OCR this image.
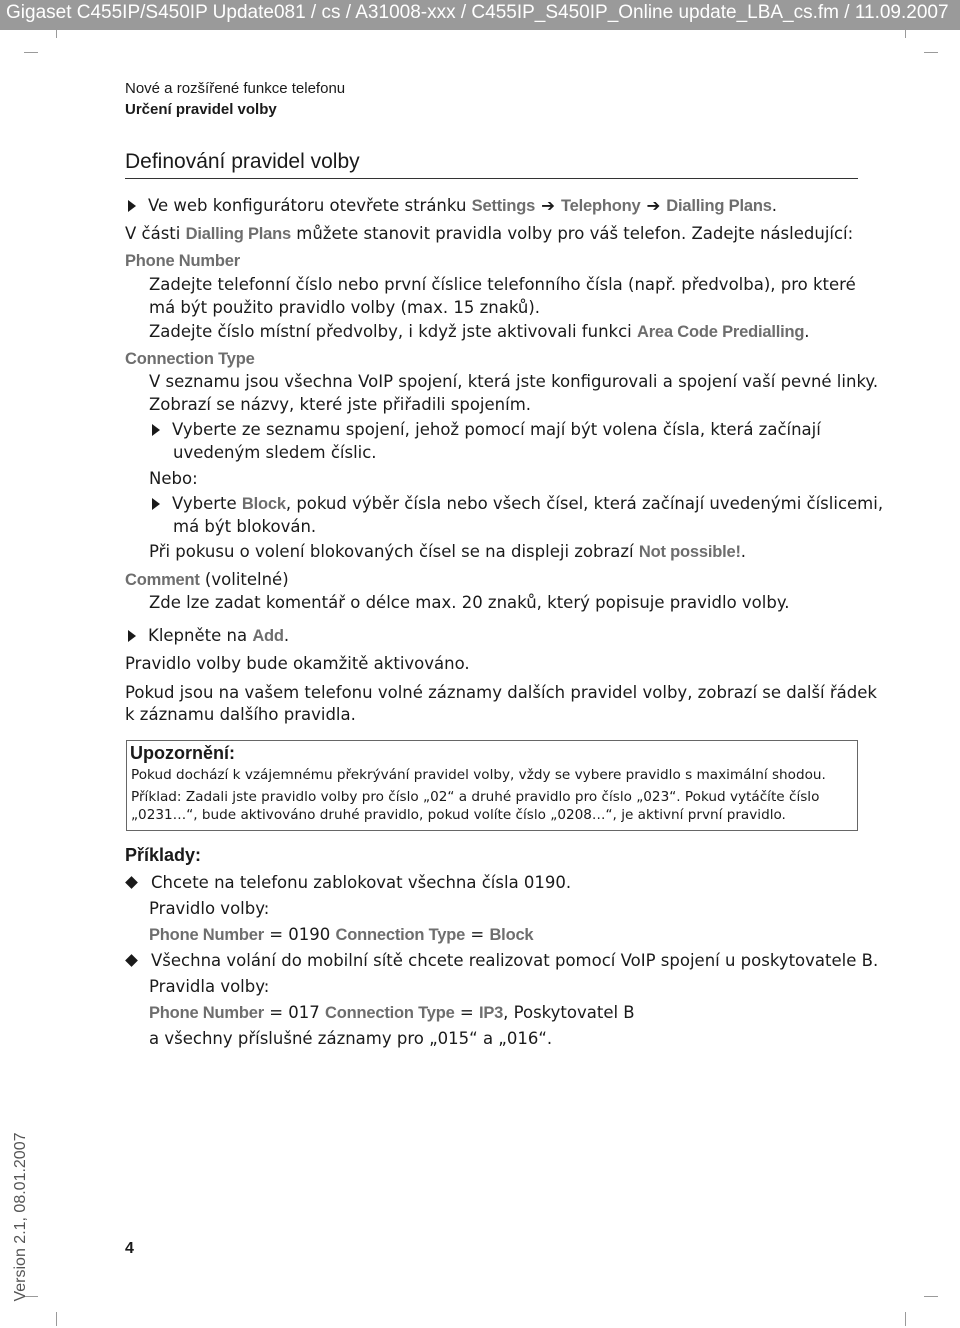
Gigaset C455IP/S450IP Update081 / cs / A31008-xxx / C455IP_S450IP_Online update_LBA_cs.fm / 11.09.2007
Nové a rozšířené funkce telefonu
Určení pravidel volby
Definování pravidel volby
Ve web konfigurátoru otevřete stránku Settings ➔ Telephony ➔ Dialling Plans.
V části Dialling Plans můžete stanovit pravidla volby pro váš telefon. Zadejte následující:
Phone Number
Zadejte telefonní číslo nebo první číslice telefonního čísla (např. předvolba), pro které
má být použito pravidlo volby (max. 15 znaků).
Zadejte číslo místní předvolby, i když jste aktivovali funkci Area Code Predialling.
Connection Type
V seznamu jsou všechna VoIP spojení, která jste konfigurovali a spojení vaší pevné linky.
Zobrazí se názvy, které jste přiřadili spojením.
Vyberte ze seznamu spojení, jehož pomocí mají být volena čísla, která začínají
uvedeným sledem číslic.
Nebo:
Vyberte Block, pokud výběr čísla nebo všech čísel, která začínají uvedenými číslicemi,
má být blokován.
Při pokusu o volení blokovaných čísel se na displeji zobrazí Not possible!.
Comment (volitelné)
Zde lze zadat komentář o délce max. 20 znaků, který popisuje pravidlo volby.
Klepněte na Add.
Pravidlo volby bude okamžitě aktivováno.
Pokud jsou na vašem telefonu volné záznamy dalších pravidel volby, zobrazí se další řádek
k záznamu dalšího pravidla.
Upozornění:
Pokud dochází k vzájemnému překrývání pravidel volby, vždy se vybere pravidlo s maximální shodou.
Příklad: Zadali jste pravidlo volby pro číslo „02“ a druhé pravidlo pro číslo „023“. Pokud vytáčíte číslo
„0231…“, bude aktivováno druhé pravidlo, pokud volíte číslo „0208…“, je aktivní první pravidlo.
Příklady:
Chcete na telefonu zablokovat všechna čísla 0190.
Pravidlo volby:
Phone Number = 0190 Connection Type = Block
Všechna volání do mobilní sítě chcete realizovat pomocí VoIP spojení u poskytovatele B.
Pravidla volby:
Phone Number = 017 Connection Type = IP3, Poskytovatel B
a všechny příslušné záznamy pro „015“ a „016“.
Version 2.1, 08.01.2007	4
